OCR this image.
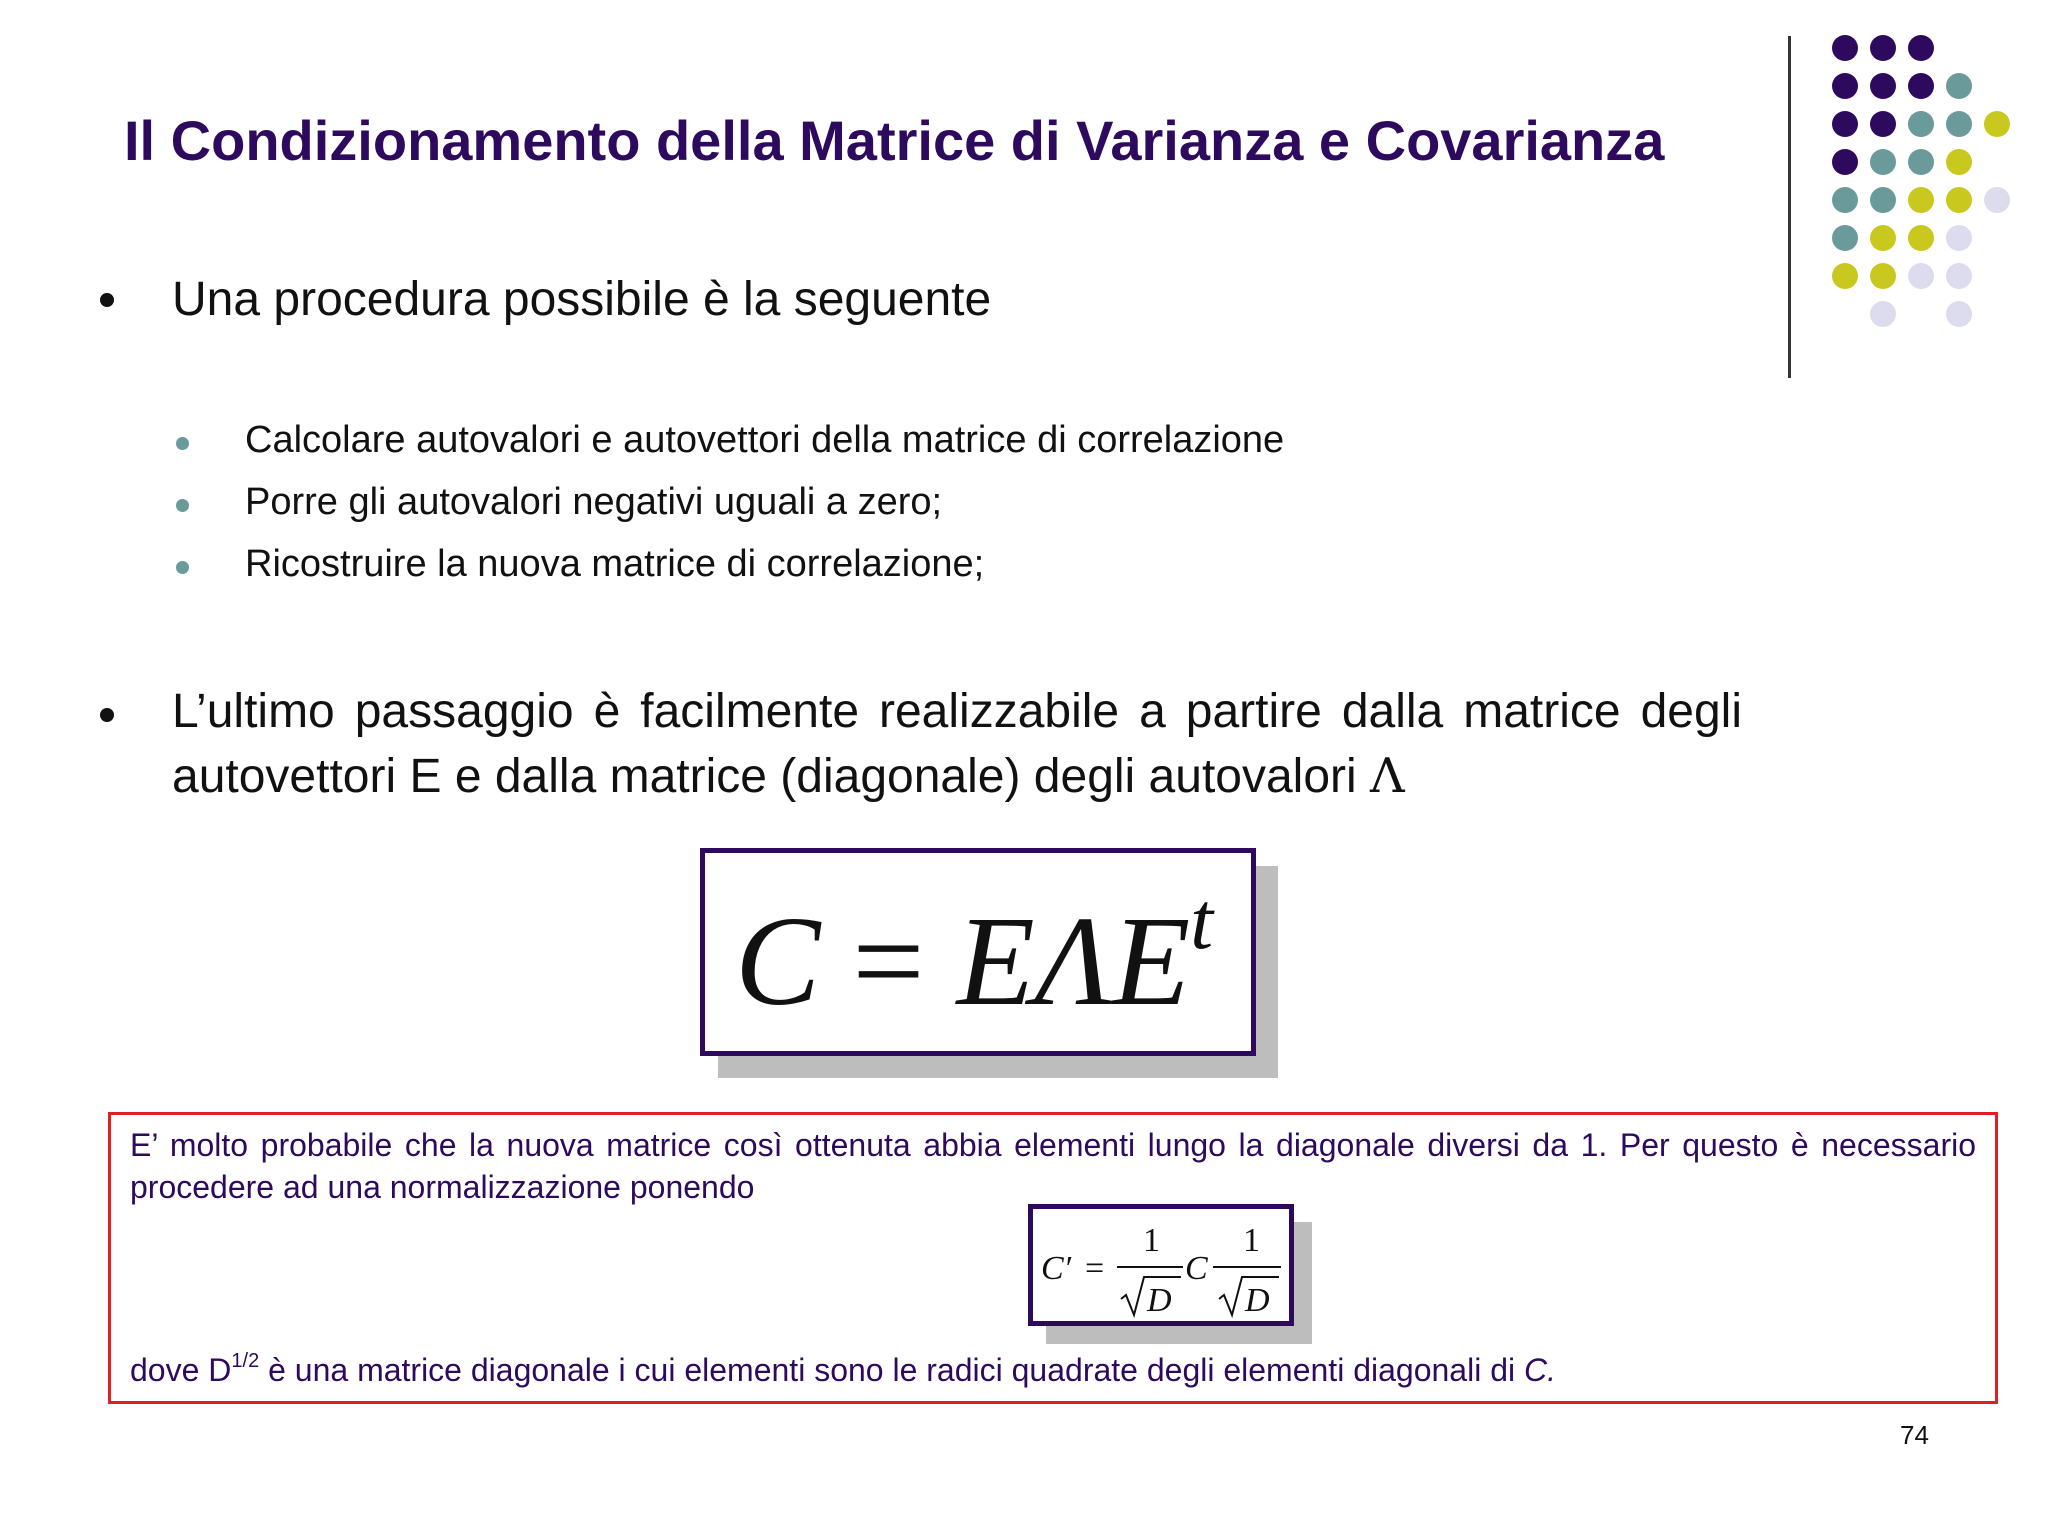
Il Condizionamento della Matrice di Varianza e Covarianza
Una procedura possibile è la seguente
Calcolare autovalori e autovettori della matrice di correlazione
Porre gli autovalori negativi uguali a zero;
Ricostruire la nuova matrice di correlazione;
L’ultimo passaggio è facilmente realizzabile a partire dalla matrice degli autovettori E e dalla matrice (diagonale) degli autovalori Λ
$C = E\Lambda E^t$
E’ molto probabile che la nuova matrice così ottenuta abbia elementi lungo la diagonale diversi da 1. Per questo è necessario procedere ad una normalizzazione ponendo
C′ =
1
D
C
1
D
dove $D^{1/2}$ è una matrice diagonale i cui elementi sono le radici quadrate degli elementi diagonali di C.
74
